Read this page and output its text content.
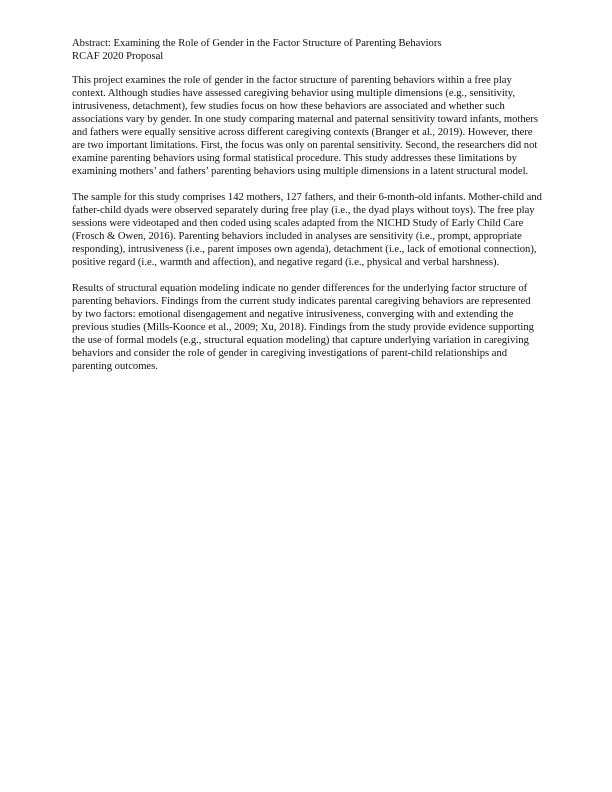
Abstract: Examining the Role of Gender in the Factor Structure of Parenting Behaviors
RCAF 2020 Proposal

This project examines the role of gender in the factor structure of parenting behaviors within a free play context. Although studies have assessed caregiving behavior using multiple dimensions (e.g., sensitivity, intrusiveness, detachment), few studies focus on how these behaviors are associated and whether such associations vary by gender. In one study comparing maternal and paternal sensitivity toward infants, mothers and fathers were equally sensitive across different caregiving contexts (Branger et al., 2019). However, there are two important limitations. First, the focus was only on parental sensitivity. Second, the researchers did not examine parenting behaviors using formal statistical procedure. This study addresses these limitations by examining mothers’ and fathers’ parenting behaviors using multiple dimensions in a latent structural model.

The sample for this study comprises 142 mothers, 127 fathers, and their 6-month-old infants. Mother-child and father-child dyads were observed separately during free play (i.e., the dyad plays without toys). The free play sessions were videotaped and then coded using scales adapted from the NICHD Study of Early Child Care (Frosch & Owen, 2016). Parenting behaviors included in analyses are sensitivity (i.e., prompt, appropriate responding), intrusiveness (i.e., parent imposes own agenda), detachment (i.e., lack of emotional connection), positive regard (i.e., warmth and affection), and negative regard (i.e., physical and verbal harshness).

Results of structural equation modeling indicate no gender differences for the underlying factor structure of parenting behaviors. Findings from the current study indicates parental caregiving behaviors are represented by two factors: emotional disengagement and negative intrusiveness, converging with and extending the previous studies (Mills-Koonce et al., 2009; Xu, 2018). Findings from the study provide evidence supporting the use of formal models (e.g., structural equation modeling) that capture underlying variation in caregiving behaviors and consider the role of gender in caregiving investigations of parent-child relationships and parenting outcomes.
